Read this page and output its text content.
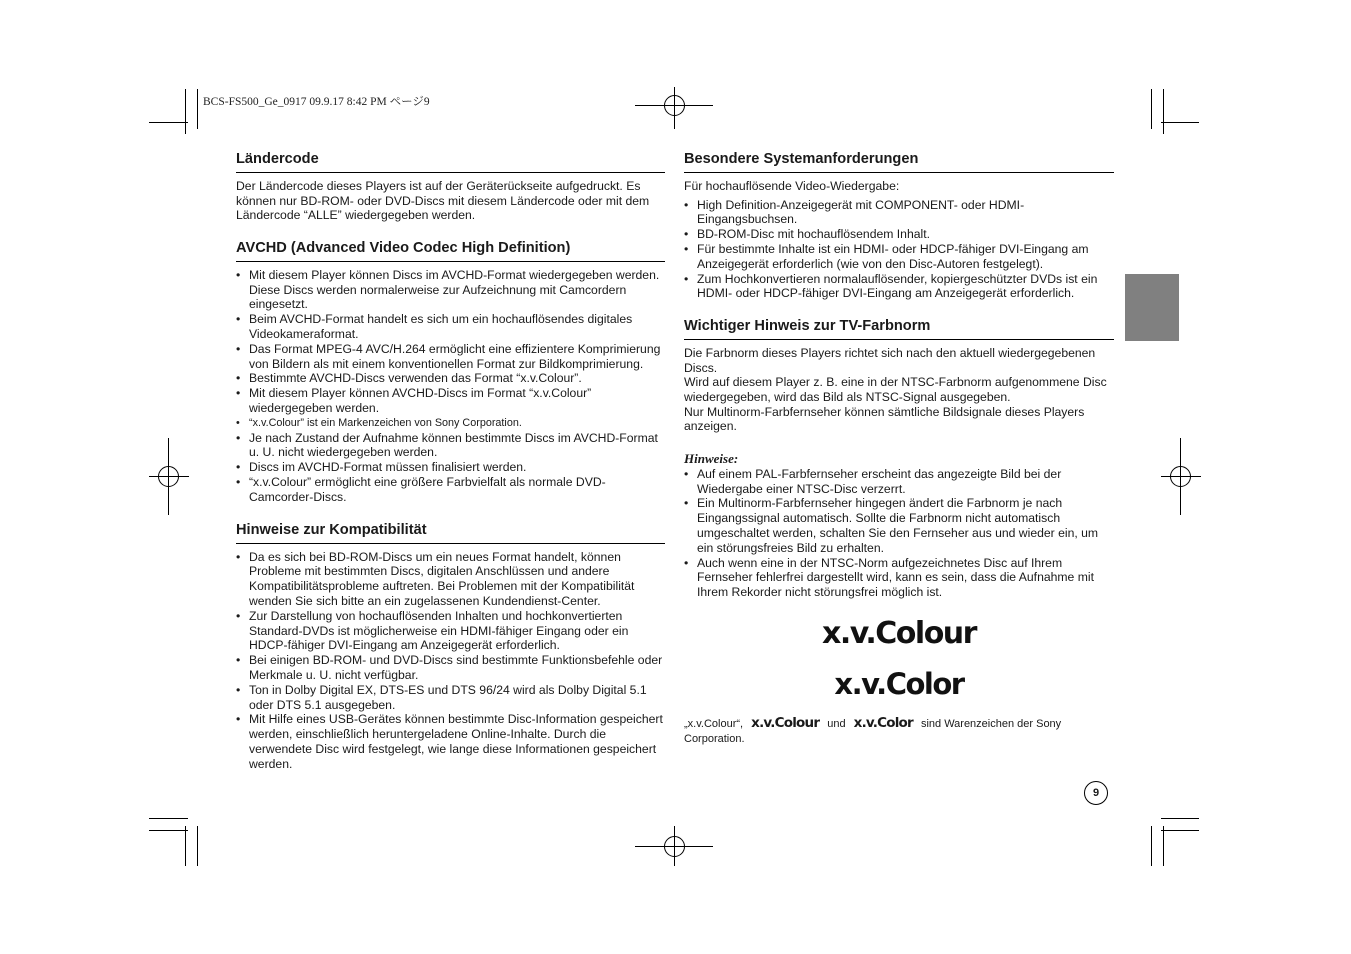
BCS-FS500_Ge_0917 09.9.17 8:42 PM ページ9
Ländercode

Der Ländercode dieses Players ist auf der Geräterückseite aufgedruckt. Es können nur BD-ROM- oder DVD-Discs mit diesem Ländercode oder mit dem Ländercode “ALLE” wiedergegeben werden.

AVCHD (Advanced Video Codec High Definition)
• Mit diesem Player können Discs im AVCHD-Format wiedergegeben werden. Diese Discs werden normalerweise zur Aufzeichnung mit Camcordern eingesetzt.
• Beim AVCHD-Format handelt es sich um ein hochauflösendes digitales Videokameraformat.
• Das Format MPEG-4 AVC/H.264 ermöglicht eine effizientere Komprimierung von Bildern als mit einem konventionellen Format zur Bildkomprimierung.
• Bestimmte AVCHD-Discs verwenden das Format “x.v.Colour”.
• Mit diesem Player können AVCHD-Discs im Format “x.v.Colour” wiedergegeben werden.
• “x.v.Colour” ist ein Markenzeichen von Sony Corporation.
• Je nach Zustand der Aufnahme können bestimmte Discs im AVCHD-Format u. U. nicht wiedergegeben werden.
• Discs im AVCHD-Format müssen finalisiert werden.
• “x.v.Colour” ermöglicht eine größere Farbvielfalt als normale DVD-Camcorder-Discs.
Hinweise zur Kompatibilität
• Da es sich bei BD-ROM-Discs um ein neues Format handelt, können Probleme mit bestimmten Discs, digitalen Anschlüssen und andere Kompatibilitätsprobleme auftreten. Bei Problemen mit der Kompatibilität wenden Sie sich bitte an ein zugelassenen Kundendienst-Center.
• Zur Darstellung von hochauflösenden Inhalten und hochkonvertierten Standard-DVDs ist möglicherweise ein HDMI-fähiger Eingang oder ein HDCP-fähiger DVI-Eingang am Anzeigegerät erforderlich.
• Bei einigen BD-ROM- und DVD-Discs sind bestimmte Funktionsbefehle oder Merkmale u. U. nicht verfügbar.
• Ton in Dolby Digital EX, DTS-ES und DTS 96/24 wird als Dolby Digital 5.1 oder DTS 5.1 ausgegeben.
• Mit Hilfe eines USB-Gerätes können bestimmte Disc-Information gespeichert werden, einschließlich heruntergeladene Online-Inhalte. Durch die verwendete Disc wird festgelegt, wie lange diese Informationen gespeichert werden.
Besondere Systemanforderungen

Für hochauflösende Video-Wiedergabe:

• High Definition-Anzeigegerät mit COMPONENT- oder HDMI-Eingangsbuchsen.
• BD-ROM-Disc mit hochauflösendem Inhalt.
• Für bestimmte Inhalte ist ein HDMI- oder HDCP-fähiger DVI-Eingang am Anzeigegerät erforderlich (wie von den Disc-Autoren festgelegt).
• Zum Hochkonvertieren normalauflösender, kopiergeschützter DVDs ist ein HDMI- oder HDCP-fähiger DVI-Eingang am Anzeigegerät erforderlich.
Wichtiger Hinweis zur TV-Farbnorm

Die Farbnorm dieses Players richtet sich nach den aktuell wiedergegebenen Discs.

Wird auf diesem Player z. B. eine in der NTSC-Farbnorm aufgenommene Disc wiedergegeben, wird das Bild als NTSC-Signal ausgegeben.

Nur Multinorm-Farbfernseher können sämtliche Bildsignale dieses Players anzeigen.

Hinweise:
• Auf einem PAL-Farbfernseher erscheint das angezeigte Bild bei der Wiedergabe einer NTSC-Disc verzerrt.
• Ein Multinorm-Farbfernseher hingegen ändert die Farbnorm je nach Eingangssignal automatisch. Sollte die Farbnorm nicht automatisch umgeschaltet werden, schalten Sie den Fernseher aus und wieder ein, um ein störungsfreies Bild zu erhalten.
• Auch wenn eine in der NTSC-Norm aufgezeichnetes Disc auf Ihrem Fernseher fehlerfrei dargestellt wird, kann es sein, dass die Aufnahme mit Ihrem Rekorder nicht störungsfrei möglich ist.
x.v.Colour
x.v.Color

„x.v.Colour“, x.v.Colour und x.v.Color sind Warenzeichen der Sony Corporation.

9
